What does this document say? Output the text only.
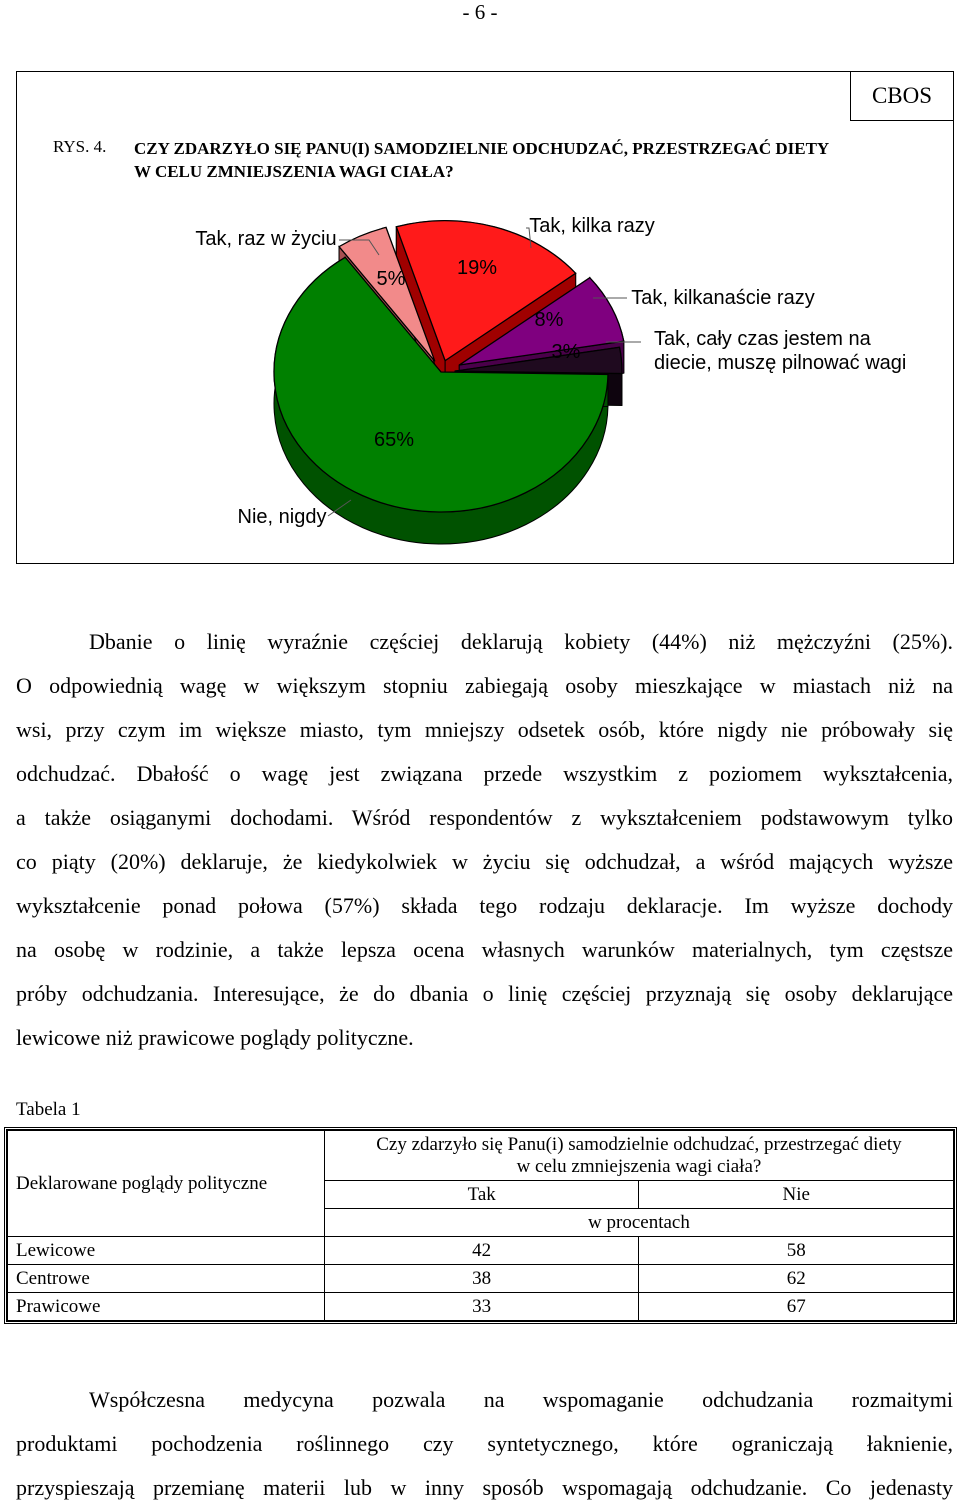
- 6 -
CBOS
RYS. 4. CZY ZDARZYŁO SIĘ PANU(I) SAMODZIELNIE ODCHUDZAĆ, PRZESTRZEGAĆ DIETY
W CELU ZMNIEJSZENIA WAGI CIAŁA?
5%
Tak, raz w życiu
19%
Tak, kilka razy
8%
Tak, kilkanaście razy
3%
Tak, cały czas jestem na
diecie, muszę pilnować wagi
65%
Nie, nigdy
Dbanie o linię wyraźnie częściej deklarują kobiety (44%) niż mężczyźni (25%).
O odpowiednią wagę w większym stopniu zabiegają osoby mieszkające w miastach niż na
wsi, przy czym im większe miasto, tym mniejszy odsetek osób, które nigdy nie próbowały się
odchudzać. Dbałość o wagę jest związana przede wszystkim z poziomem wykształcenia,
a także osiąganymi dochodami. Wśród respondentów z wykształceniem podstawowym tylko
co piąty (20%) deklaruje, że kiedykolwiek w życiu się odchudzał, a wśród mających wyższe
wykształcenie ponad połowa (57%) składa tego rodzaju deklaracje. Im wyższe dochody
na osobę w rodzinie, a także lepsza ocena własnych warunków materialnych, tym częstsze
próby odchudzania. Interesujące, że do dbania o linię częściej przyznają się osoby deklarujące
lewicowe niż prawicowe poglądy polityczne.
Tabela 1
Deklarowane poglądy polityczne	Czy zdarzyło się Panu(i) samodzielnie odchudzać, przestrzegać diety
w celu zmniejszenia wagi ciała?	

	Tak	Nie
	w procentach	
Lewicowe	42	58
Centrowe	38	62
Prawicowe	33	67
Współczesna medycyna pozwala na wspomaganie odchudzania rozmaitymi
produktami pochodzenia roślinnego czy syntetycznego, które ograniczają łaknienie,
przyspieszają przemianę materii lub w inny sposób wspomagają odchudzanie. Co jedenasty
